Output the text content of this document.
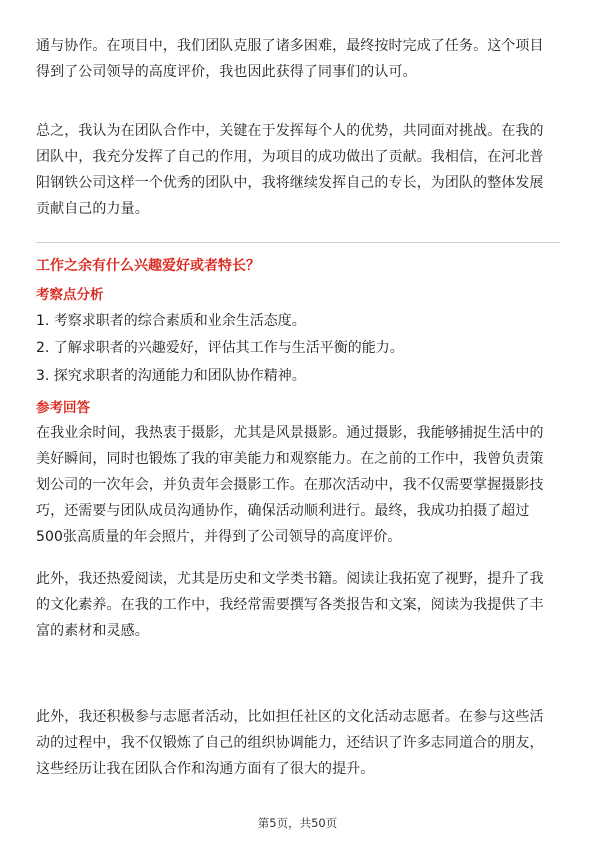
通与协作。在项目中，我们团队克服了诸多困难，最终按时完成了任务。这个项目

得到了公司领导的高度评价，我也因此获得了同事们的认可。

总之，我认为在团队合作中，关键在于发挥每个人的优势，共同面对挑战。在我的

团队中，我充分发挥了自己的作用，为项目的成功做出了贡献。我相信，在河北普

阳钢铁公司这样一个优秀的团队中，我将继续发挥自己的专长，为团队的整体发展

贡献自己的力量。

工作之余有什么兴趣爱好或者特长？
考察点分析
1. 考察求职者的综合素质和业余生活态度。
2. 了解求职者的兴趣爱好，评估其工作与生活平衡的能力。
3. 探究求职者的沟通能力和团队协作精神。
参考回答

在我业余时间，我热衷于摄影，尤其是风景摄影。通过摄影，我能够捕捉生活中的

美好瞬间，同时也锻炼了我的审美能力和观察能力。在之前的工作中，我曾负责策

划公司的一次年会，并负责年会摄影工作。在那次活动中，我不仅需要掌握摄影技

巧，还需要与团队成员沟通协作，确保活动顺利进行。最终，我成功拍摄了超过

500张高质量的年会照片，并得到了公司领导的高度评价。

此外，我还热爱阅读，尤其是历史和文学类书籍。阅读让我拓宽了视野，提升了我

的文化素养。在我的工作中，我经常需要撰写各类报告和文案，阅读为我提供了丰

富的素材和灵感。

此外，我还积极参与志愿者活动，比如担任社区的文化活动志愿者。在参与这些活

动的过程中，我不仅锻炼了自己的组织协调能力，还结识了许多志同道合的朋友，

这些经历让我在团队合作和沟通方面有了很大的提升。

第5页，共50页
